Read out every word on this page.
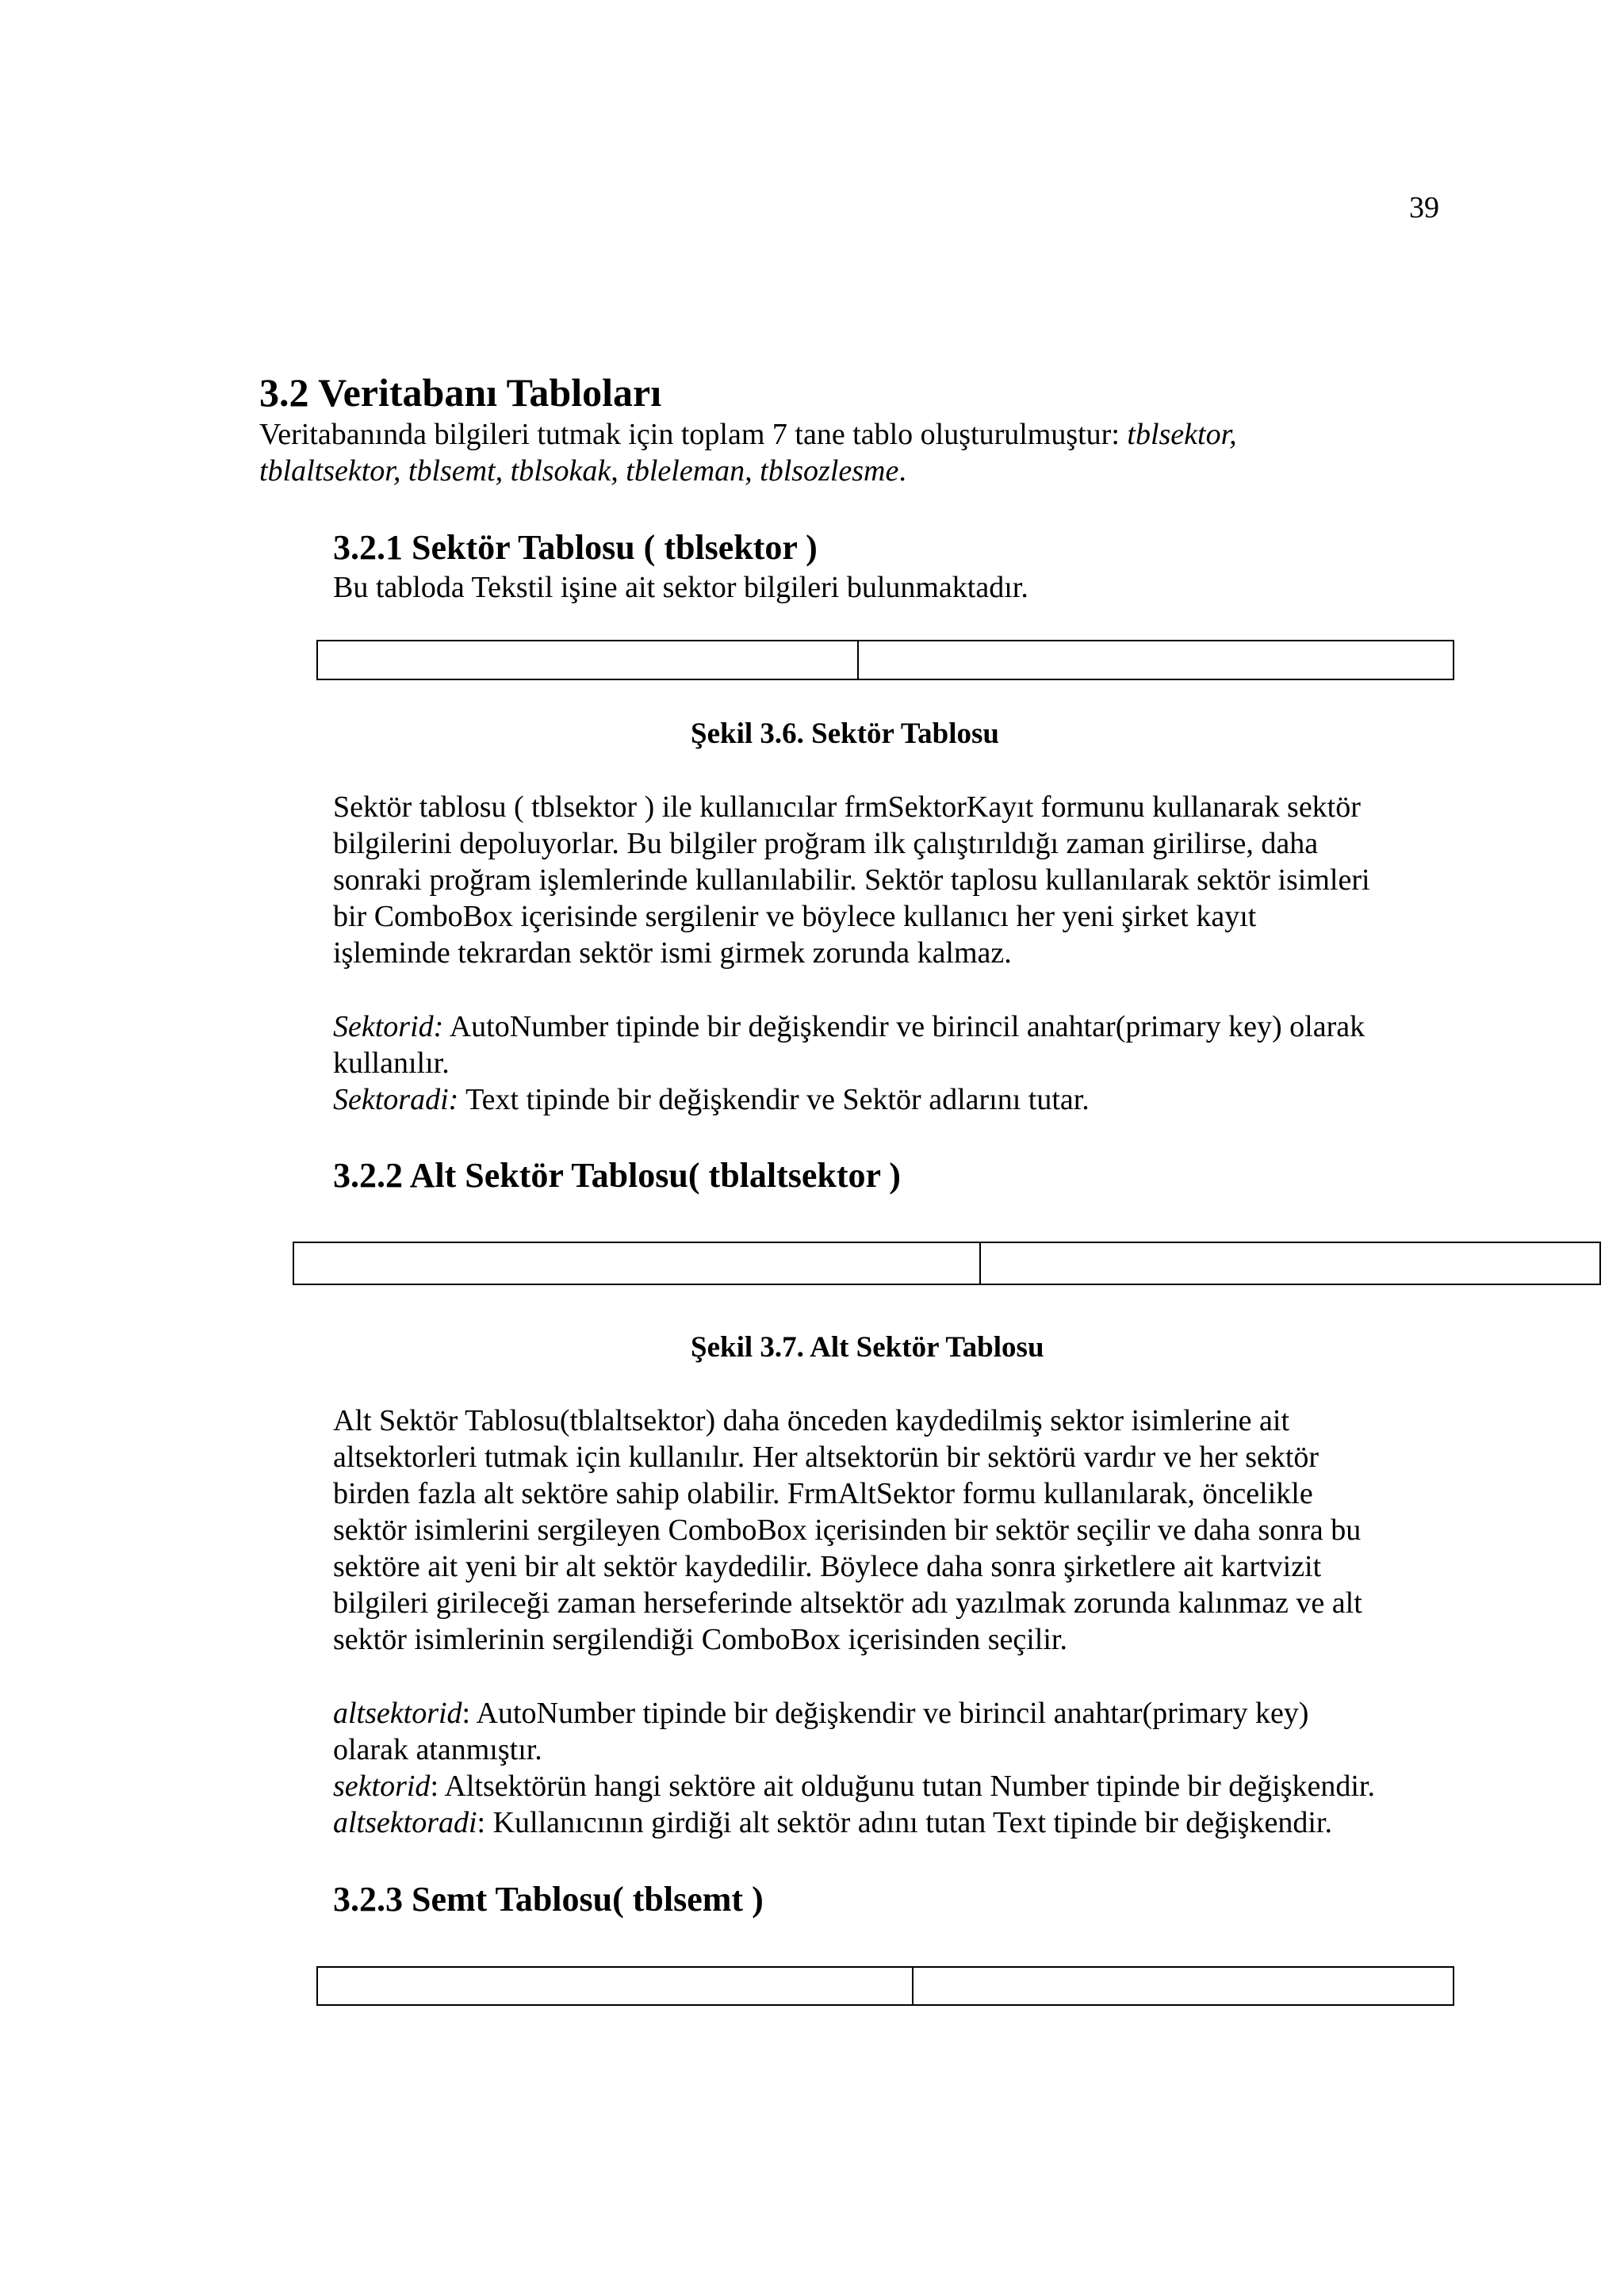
39
3.2 Veritabanı Tabloları

Veritabanında bilgileri tutmak için toplam 7 tane tablo oluşturulmuştur: tblsektor,

tblaltsektor, tblsemt, tblsokak, tbleleman, tblsozlesme.

3.2.1 Sektör Tablosu ( tblsektor )

Bu tabloda Tekstil işine ait sektor bilgileri bulunmaktadır.

Şekil 3.6. Sektör Tablosu

Sektör tablosu ( tblsektor ) ile kullanıcılar frmSektorKayıt formunu kullanarak sektör

bilgilerini depoluyorlar. Bu bilgiler proğram ilk çalıştırıldığı zaman girilirse, daha

sonraki proğram işlemlerinde kullanılabilir. Sektör taplosu kullanılarak sektör isimleri

bir ComboBox içerisinde sergilenir ve böylece kullanıcı her yeni şirket kayıt

işleminde tekrardan sektör ismi girmek zorunda kalmaz.

Sektorid: AutoNumber tipinde bir değişkendir ve birincil anahtar(primary key) olarak

kullanılır.

Sektoradi: Text tipinde bir değişkendir ve Sektör adlarını tutar.

3.2.2 Alt Sektör Tablosu( tblaltsektor )
Şekil 3.7. Alt Sektör Tablosu

Alt Sektör Tablosu(tblaltsektor) daha önceden kaydedilmiş sektor isimlerine ait

altsektorleri tutmak için kullanılır. Her altsektorün bir sektörü vardır ve her sektör

birden fazla alt sektöre sahip olabilir. FrmAltSektor formu kullanılarak, öncelikle

sektör isimlerini sergileyen ComboBox içerisinden bir sektör seçilir ve daha sonra bu

sektöre ait yeni bir alt sektör kaydedilir. Böylece daha sonra şirketlere ait kartvizit

bilgileri girileceği zaman herseferinde altsektör adı yazılmak zorunda kalınmaz ve alt

sektör isimlerinin sergilendiği ComboBox içerisinden seçilir.

altsektorid: AutoNumber tipinde bir değişkendir ve birincil anahtar(primary key)

olarak atanmıştır.

sektorid: Altsektörün hangi sektöre ait olduğunu tutan Number tipinde bir değişkendir.

altsektoradi: Kullanıcının girdiği alt sektör adını tutan Text tipinde bir değişkendir.

3.2.3 Semt Tablosu( tblsemt )
